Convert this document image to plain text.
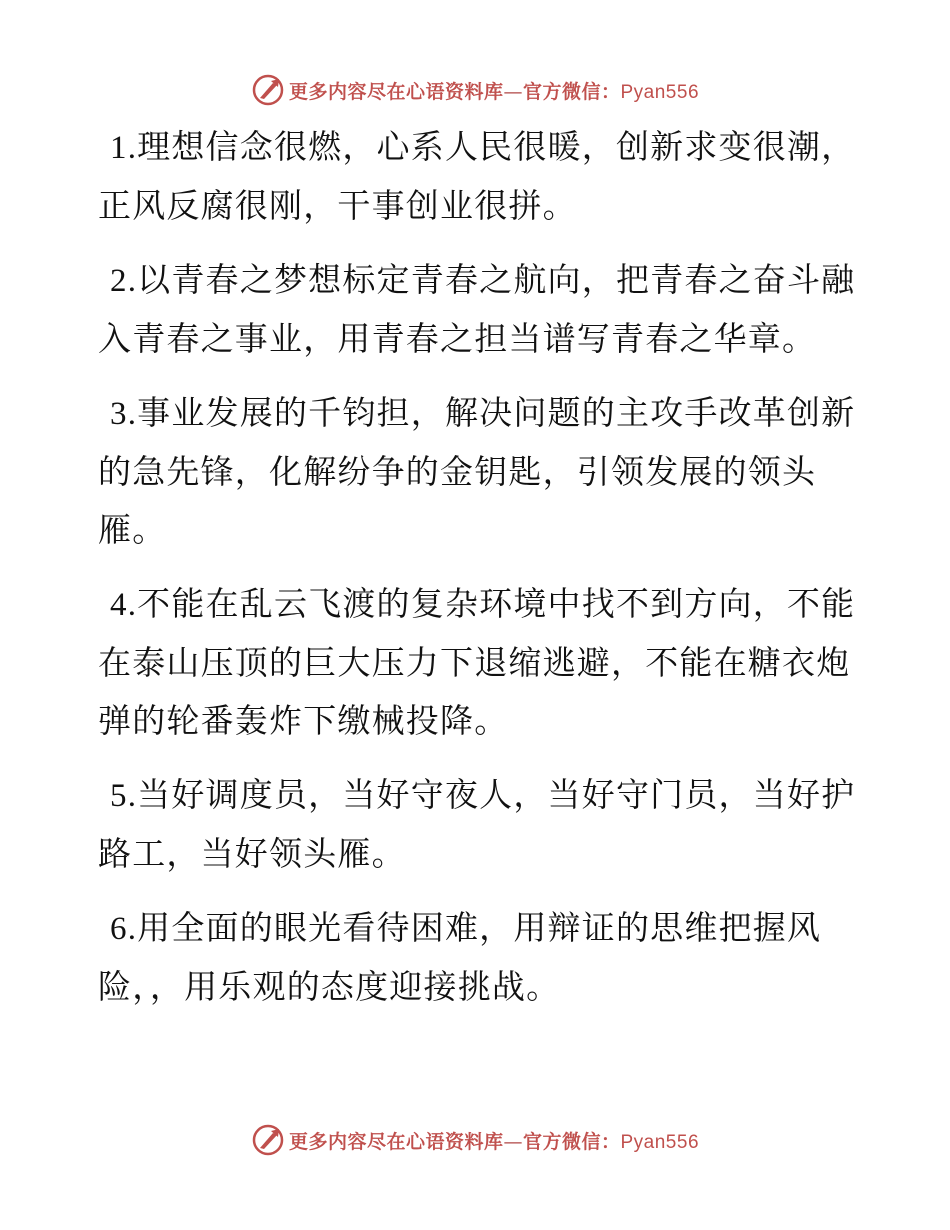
更多内容尽在心语资料库—官方微信：Pyan556

1.理想信念很燃，心系人民很暖，创新求变很潮，正风反腐很刚，干事创业很拼。

2.以青春之梦想标定青春之航向，把青春之奋斗融入青春之事业，用青春之担当谱写青春之华章。

3.事业发展的千钧担，解决问题的主攻手改革创新的急先锋，化解纷争的金钥匙，引领发展的领头雁。

4.不能在乱云飞渡的复杂环境中找不到方向，不能在泰山压顶的巨大压力下退缩逃避，不能在糖衣炮弹的轮番轰炸下缴械投降。

5.当好调度员，当好守夜人，当好守门员，当好护路工，当好领头雁。

6.用全面的眼光看待困难，用辩证的思维把握风险，，用乐观的态度迎接挑战。

更多内容尽在心语资料库—官方微信：Pyan556
